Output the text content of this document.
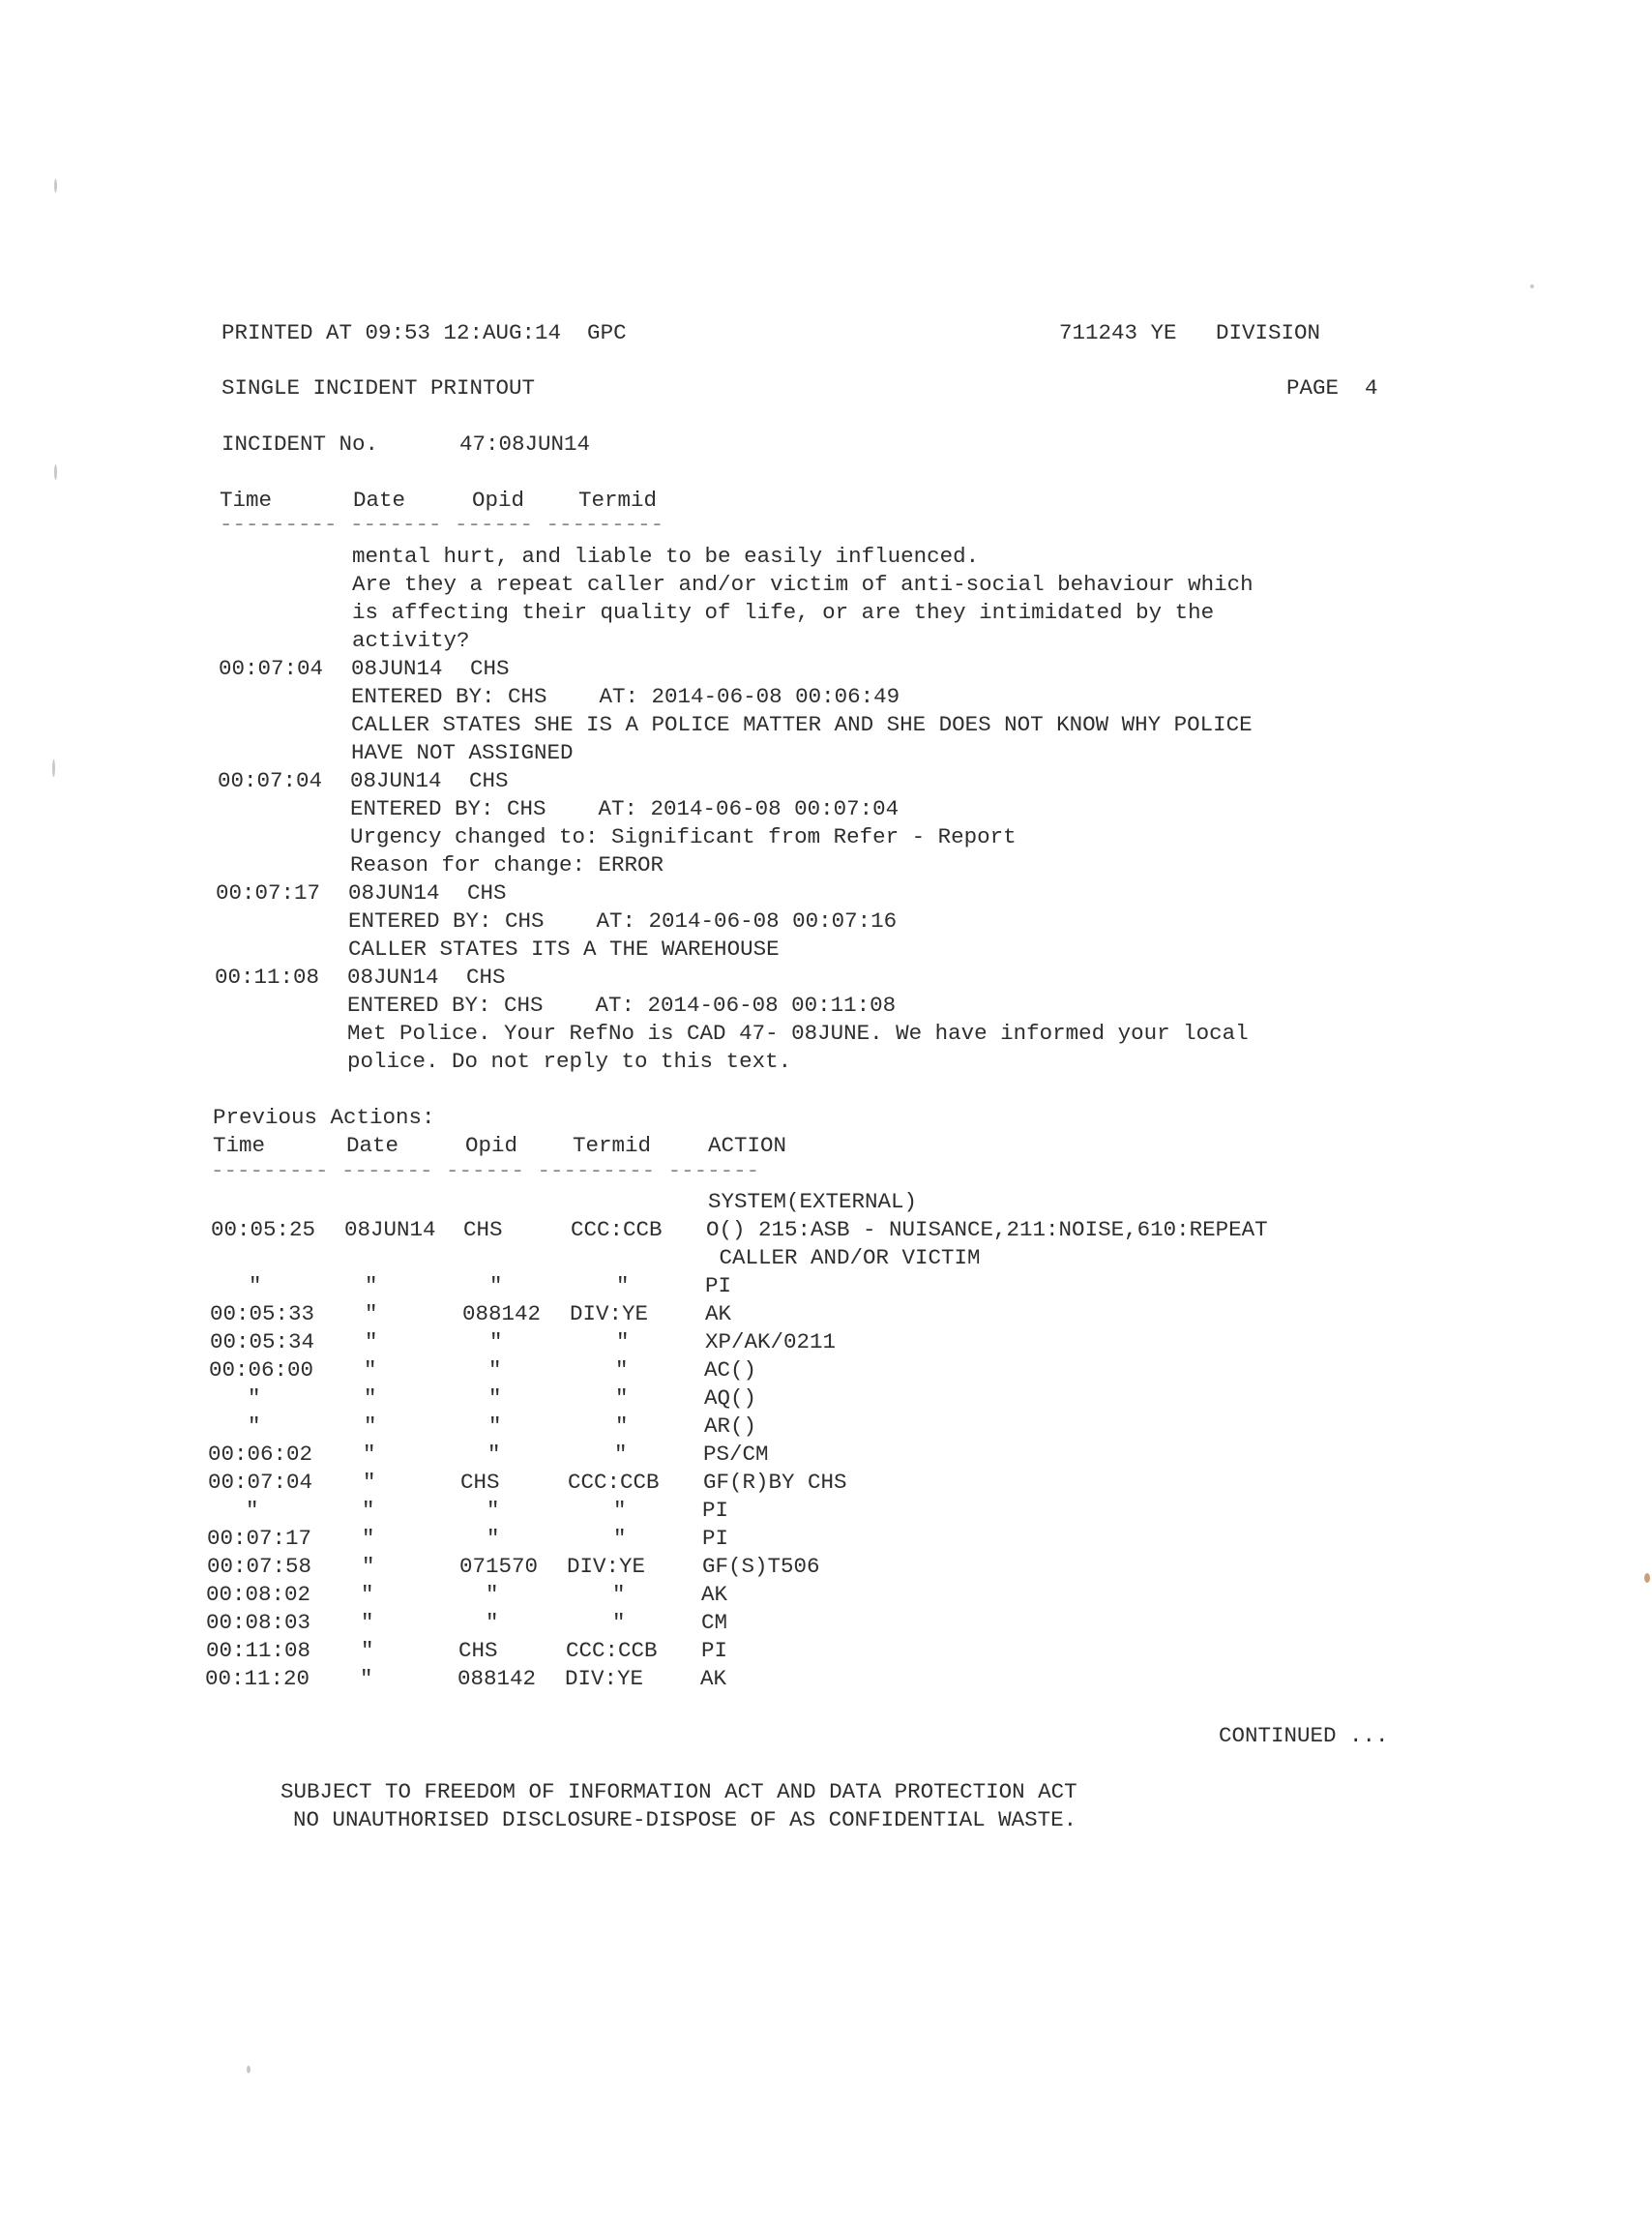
PRINTED AT 09:53 12:AUG:14  GPC	711243 YE   DIVISION
SINGLE INCIDENT PRINTOUT	PAGE  4
INCIDENT No.	47:08JUN14
Time	Date	Opid Termid
--------- ------- ------ ---------
mental hurt, and liable to be easily influenced.
Are they a repeat caller and/or victim of anti-social behaviour which
is affecting their quality of life, or are they intimidated by the
activity?
00:07:04 08JUN14 CHS
ENTERED BY: CHS    AT: 2014-06-08 00:06:49
CALLER STATES SHE IS A POLICE MATTER AND SHE DOES NOT KNOW WHY POLICE
HAVE NOT ASSIGNED
00:07:04 08JUN14 CHS
ENTERED BY: CHS    AT: 2014-06-08 00:07:04
Urgency changed to: Significant from Refer - Report
Reason for change: ERROR
00:07:17 08JUN14 CHS
ENTERED BY: CHS    AT: 2014-06-08 00:07:16
CALLER STATES ITS A THE WAREHOUSE
00:11:08 08JUN14 CHS
ENTERED BY: CHS    AT: 2014-06-08 00:11:08
Met Police. Your RefNo is CAD 47- 08JUNE. We have informed your local
police. Do not reply to this text.
Previous Actions:
Time	Date	Opid	Termid	ACTION
--------- ------- ------ --------- -------
SYSTEM(EXTERNAL)
00:05:25 08JUN14 CHS	CCC:CCB O() 215:ASB - NUISANCE,211:NOISE,610:REPEAT
CALLER AND/OR VICTIM
"	"	"	"	PI
00:05:33 "	088142 DIV:YE	AK
00:05:34 "	"	"	XP/AK/0211
00:06:00 "	"	"	AC()
"	"	"	"	AQ()
"	"	"	"	AR()
00:06:02 "	"	"	PS/CM
00:07:04 "	CHS	CCC:CCB GF(R)BY CHS
"	"	"	"	PI
00:07:17 "	"	"	PI
00:07:58 "	071570 DIV:YE	GF(S)T506
00:08:02 "	"	"	AK
00:08:03 "	"	"	CM
00:11:08 "	CHS	CCC:CCB PI
00:11:20 "	088142 DIV:YE	AK
CONTINUED ...
SUBJECT TO FREEDOM OF INFORMATION ACT AND DATA PROTECTION ACT
NO UNAUTHORISED DISCLOSURE-DISPOSE OF AS CONFIDENTIAL WASTE.
